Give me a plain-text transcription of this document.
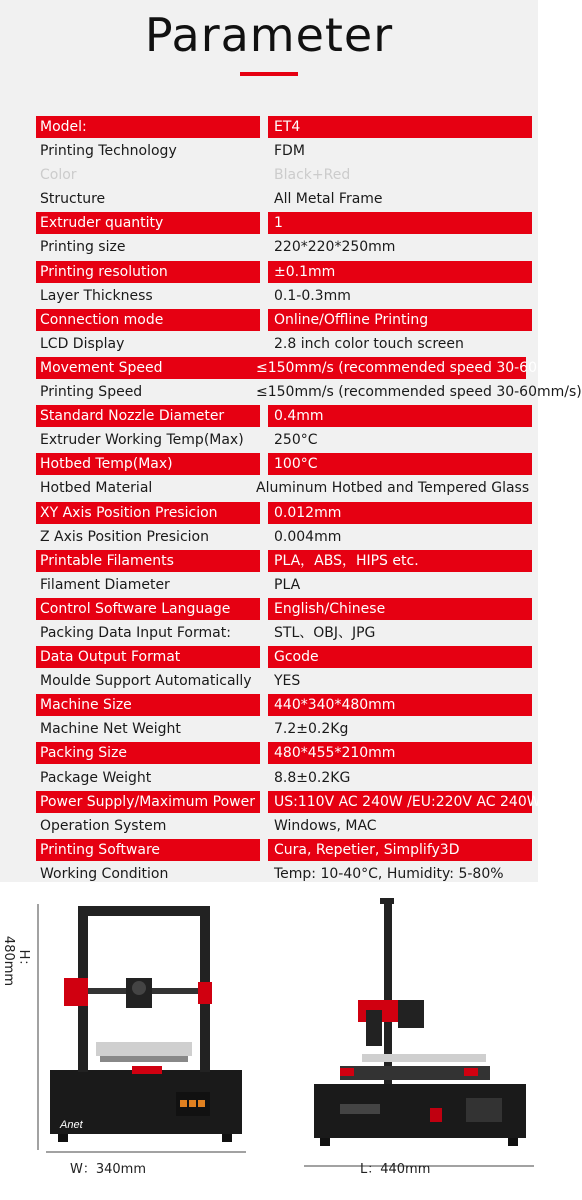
Parameter
Model:	ET4
Printing Technology	FDM
Color	Black+Red
Structure	All Metal Frame
Extruder quantity	1
Printing size	220*220*250mm
Printing resolution	±0.1mm
Layer Thickness	0.1-0.3mm
Connection mode	Online/Offline Printing
LCD Display	2.8 inch color touch screen
Movement Speed	≤150mm/s (recommended speed 30-60mm/s)
Printing Speed	≤150mm/s (recommended speed 30-60mm/s)
Standard Nozzle Diameter	0.4mm
Extruder Working Temp(Max)	250°C
Hotbed Temp(Max)	100°C
Hotbed Material	Aluminum Hotbed and Tempered Glass
XY Axis Position Presicion	0.012mm
Z Axis Position Presicion	0.004mm
Printable Filaments	PLA，ABS，HIPS etc.
Filament Diameter	PLA
Control Software Language	English/Chinese
Packing Data Input Format:	STL、OBJ、JPG
Data Output Format	Gcode
Moulde Support Automatically	YES
Machine Size	440*340*480mm
Machine Net Weight	7.2±0.2Kg
Packing Size	480*455*210mm
Package Weight	8.8±0.2KG
Power Supply/Maximum Power	US:110V AC 240W /EU:220V AC 240W
Operation System	Windows, MAC
Printing Software	Cura, Repetier, Simplify3D
Working Condition	Temp: 10-40°C, Humidity: 5-80%
Anet
W：340mm	L：440mm
H：480mm
